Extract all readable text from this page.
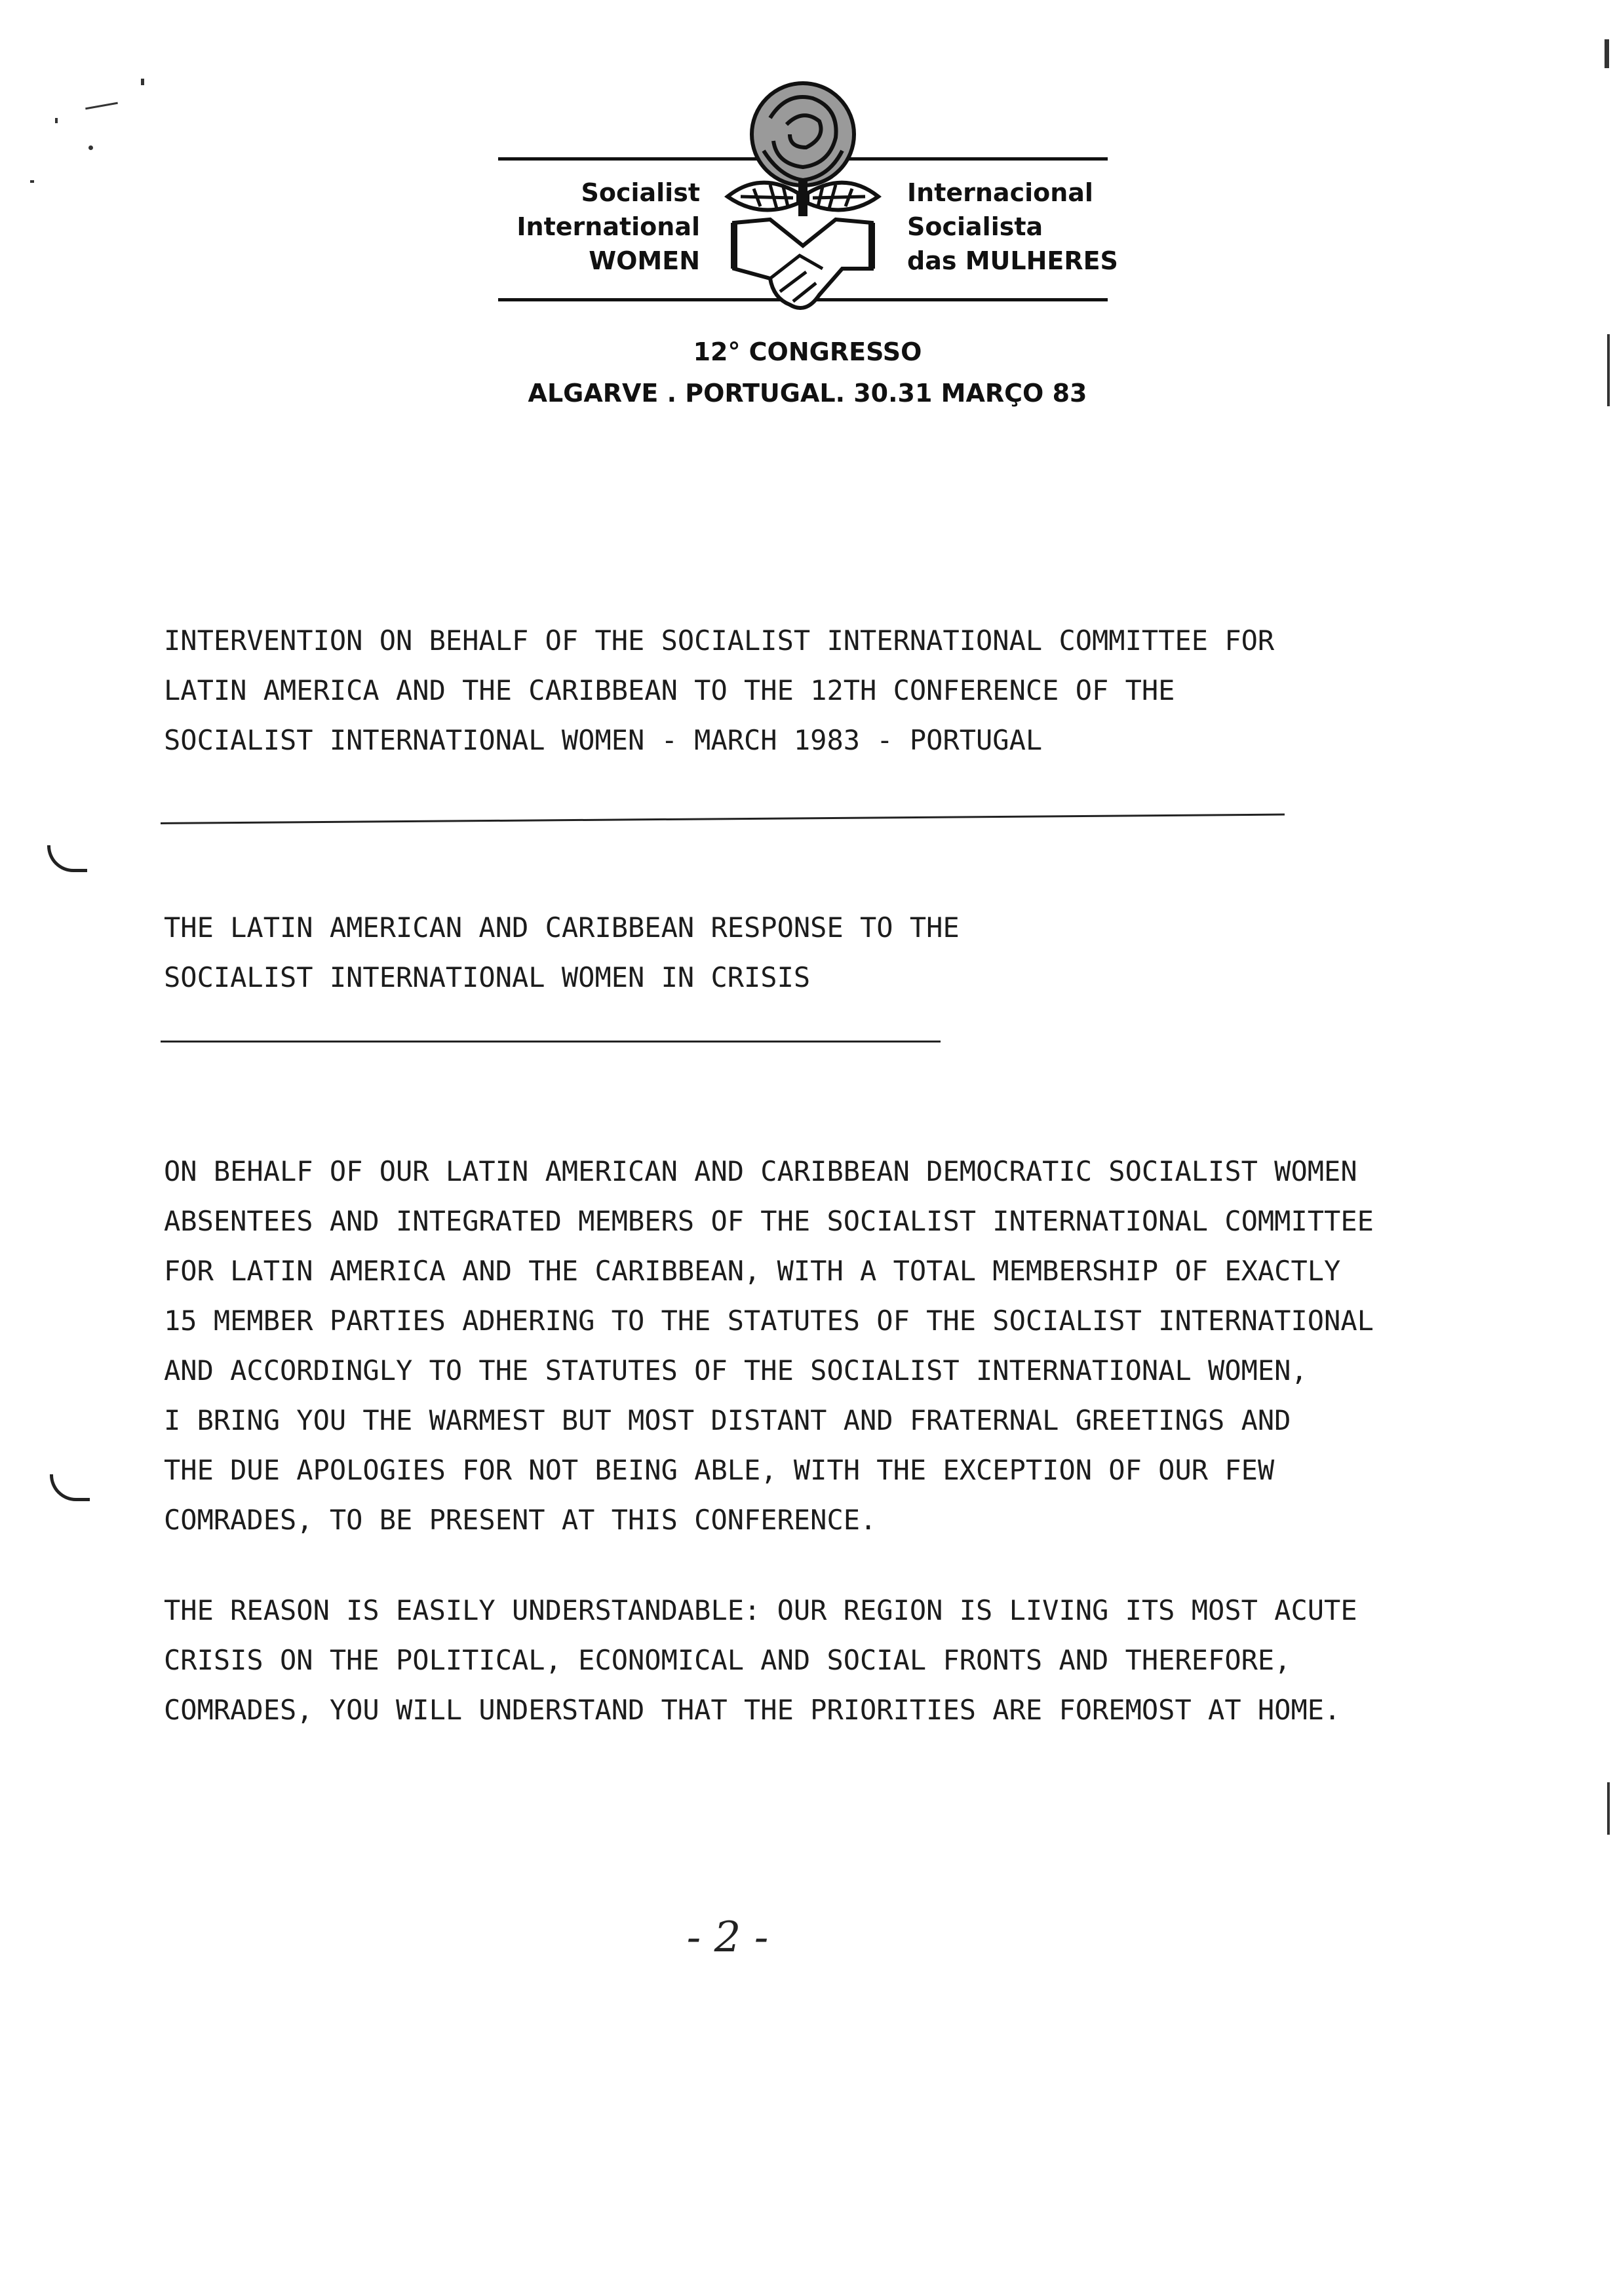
Socialist
International
WOMEN
Internacional
Socialista
das MULHERES
12° CONGRESSO
ALGARVE . PORTUGAL. 30.31 MARÇO 83
INTERVENTION ON BEHALF OF THE SOCIALIST INTERNATIONAL COMMITTEE FOR
LATIN AMERICA AND THE CARIBBEAN TO THE 12TH CONFERENCE OF THE
SOCIALIST INTERNATIONAL WOMEN - MARCH 1983 - PORTUGAL
THE LATIN AMERICAN AND CARIBBEAN RESPONSE TO THE
SOCIALIST INTERNATIONAL WOMEN IN CRISIS
ON BEHALF OF OUR LATIN AMERICAN AND CARIBBEAN DEMOCRATIC SOCIALIST WOMEN
ABSENTEES AND INTEGRATED MEMBERS OF THE SOCIALIST INTERNATIONAL COMMITTEE
FOR LATIN AMERICA AND THE CARIBBEAN, WITH A TOTAL MEMBERSHIP OF EXACTLY
15 MEMBER PARTIES ADHERING TO THE STATUTES OF THE SOCIALIST INTERNATIONAL
AND ACCORDINGLY TO THE STATUTES OF THE SOCIALIST INTERNATIONAL WOMEN,
I BRING YOU THE WARMEST BUT MOST DISTANT AND FRATERNAL GREETINGS AND
THE DUE APOLOGIES FOR NOT BEING ABLE, WITH THE EXCEPTION OF OUR FEW
COMRADES, TO BE PRESENT AT THIS CONFERENCE.
THE REASON IS EASILY UNDERSTANDABLE: OUR REGION IS LIVING ITS MOST ACUTE
CRISIS ON THE POLITICAL, ECONOMICAL AND SOCIAL FRONTS AND THEREFORE,
COMRADES, YOU WILL UNDERSTAND THAT THE PRIORITIES ARE FOREMOST AT HOME.
- 2 -
